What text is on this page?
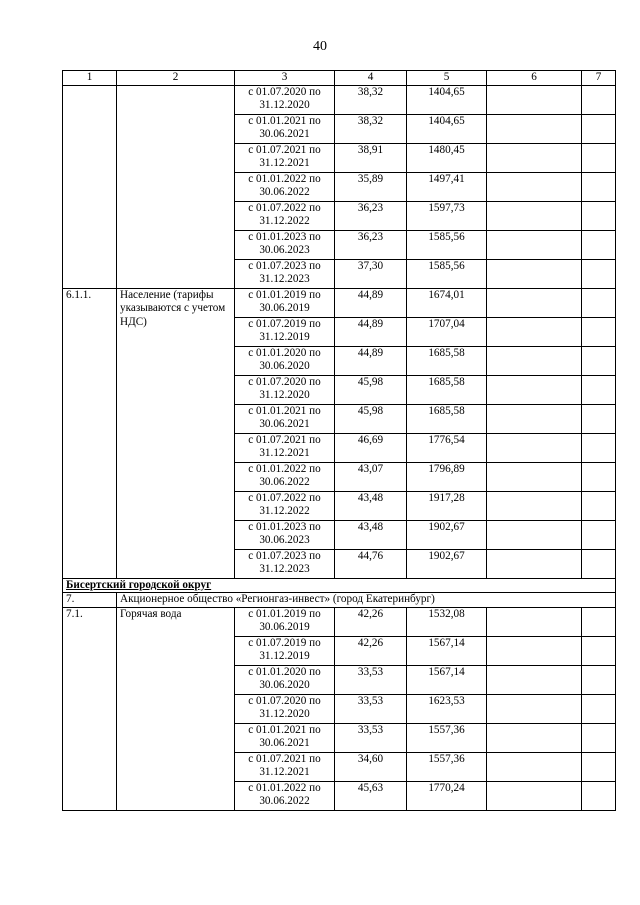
40
1	2	3	4	5	6	7

		с 01.07.2020 по
31.12.2020	38,32	1404,65		

		с 01.01.2021 по
30.06.2021	38,32	1404,65		

		с 01.07.2021 по
31.12.2021	38,91	1480,45		

		с 01.01.2022 по
30.06.2022	35,89	1497,41		

		с 01.07.2022 по
31.12.2022	36,23	1597,73		

		с 01.01.2023 по
30.06.2023	36,23	1585,56		

		с 01.07.2023 по
31.12.2023	37,30	1585,56		
6.1.1.	Население (тарифы указываются с учетом НДС)	с 01.01.2019 по
30.06.2019	44,89	1674,01		

		с 01.07.2019 по
31.12.2019	44,89	1707,04		

		с 01.01.2020 по
30.06.2020	44,89	1685,58		

		с 01.07.2020 по
31.12.2020	45,98	1685,58		

		с 01.01.2021 по
30.06.2021	45,98	1685,58		

		с 01.07.2021 по
31.12.2021	46,69	1776,54		

		с 01.01.2022 по
30.06.2022	43,07	1796,89		

		с 01.07.2022 по
31.12.2022	43,48	1917,28		

		с 01.01.2023 по
30.06.2023	43,48	1902,67		

		с 01.07.2023 по
31.12.2023	44,76	1902,67		
Бисертский городской округ						
7.	Акционерное общество «Регионгаз-инвест» (город Екатеринбург)					
7.1.	Горячая вода	с 01.01.2019 по
30.06.2019	42,26	1532,08		

		с 01.07.2019 по
31.12.2019	42,26	1567,14		

		с 01.01.2020 по
30.06.2020	33,53	1567,14		

		с 01.07.2020 по
31.12.2020	33,53	1623,53		

		с 01.01.2021 по
30.06.2021	33,53	1557,36		

		с 01.07.2021 по
31.12.2021	34,60	1557,36		

		с 01.01.2022 по
30.06.2022	45,63	1770,24		
